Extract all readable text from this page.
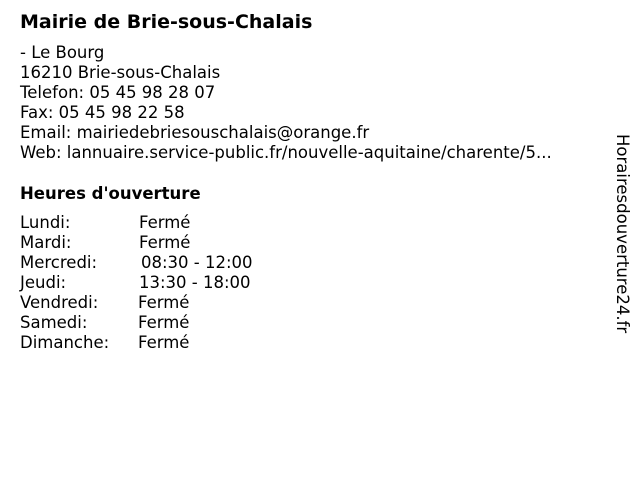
Mairie de Brie-sous-Chalais
- Le Bourg
16210 Brie-sous-Chalais
Telefon: 05 45 98 28 07
Fax: 05 45 98 22 58
Email: mairiedebriesouschalais@orange.fr
Web: lannuaire.service-public.fr/nouvelle-aquitaine/charente/5...
Heures d'ouverture
Lundi:	Fermé
Mardi:	Fermé
Mercredi:	08:30 - 12:00
Jeudi:	13:30 - 18:00
Vendredi: Fermé
Samedi:	Fermé
Dimanche: Fermé
Horairesdouverture24.fr
